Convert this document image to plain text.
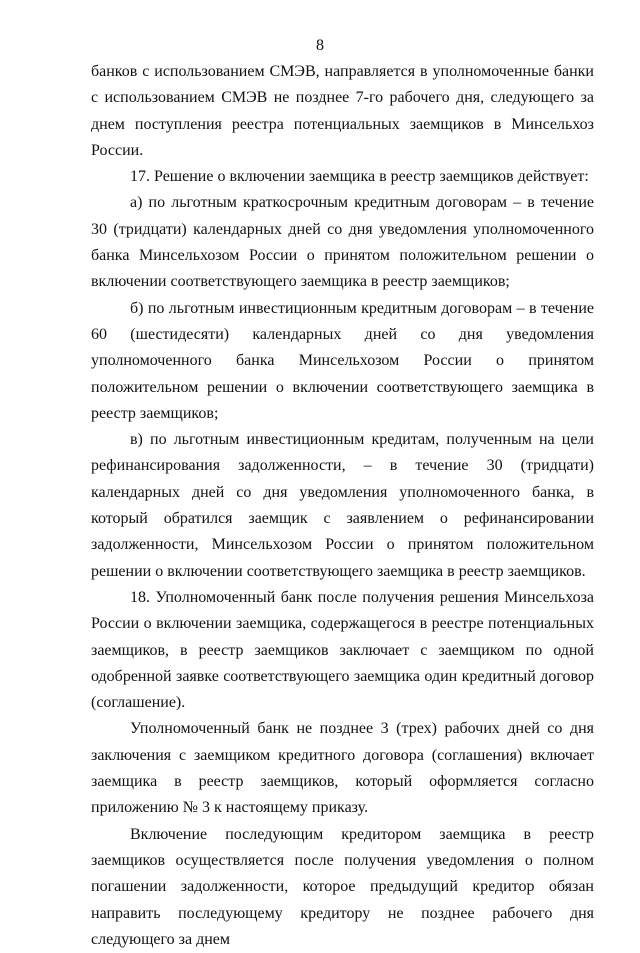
8

банков с использованием СМЭВ, направляется в уполномоченные банки с использованием СМЭВ не позднее 7-го рабочего дня, следующего за днем поступления реестра потенциальных заемщиков в Минсельхоз России.

17. Решение о включении заемщика в реестр заемщиков действует:

а) по льготным краткосрочным кредитным договорам – в течение 30 (тридцати) календарных дней со дня уведомления уполномоченного банка Минсельхозом России о принятом положительном решении о включении соответствующего заемщика в реестр заемщиков;

б) по льготным инвестиционным кредитным договорам – в течение 60 (шестидесяти) календарных дней со дня уведомления уполномоченного банка Минсельхозом России о принятом положительном решении о включении соответствующего заемщика в реестр заемщиков;

в) по льготным инвестиционным кредитам, полученным на цели рефинансирования задолженности, – в течение 30 (тридцати) календарных дней со дня уведомления уполномоченного банка, в который обратился заемщик с заявлением о рефинансировании задолженности, Минсельхозом России о принятом положительном решении о включении соответствующего заемщика в реестр заемщиков.

18. Уполномоченный банк после получения решения Минсельхоза России о включении заемщика, содержащегося в реестре потенциальных заемщиков, в реестр заемщиков заключает с заемщиком по одной одобренной заявке соответствующего заемщика один кредитный договор (соглашение).

Уполномоченный банк не позднее 3 (трех) рабочих дней со дня заключения с заемщиком кредитного договора (соглашения) включает заемщика в реестр заемщиков, который оформляется согласно приложению № 3 к настоящему приказу.

Включение последующим кредитором заемщика в реестр заемщиков осуществляется после получения уведомления о полном погашении задолженности, которое предыдущий кредитор обязан направить последующему кредитору не позднее рабочего дня следующего за днем
